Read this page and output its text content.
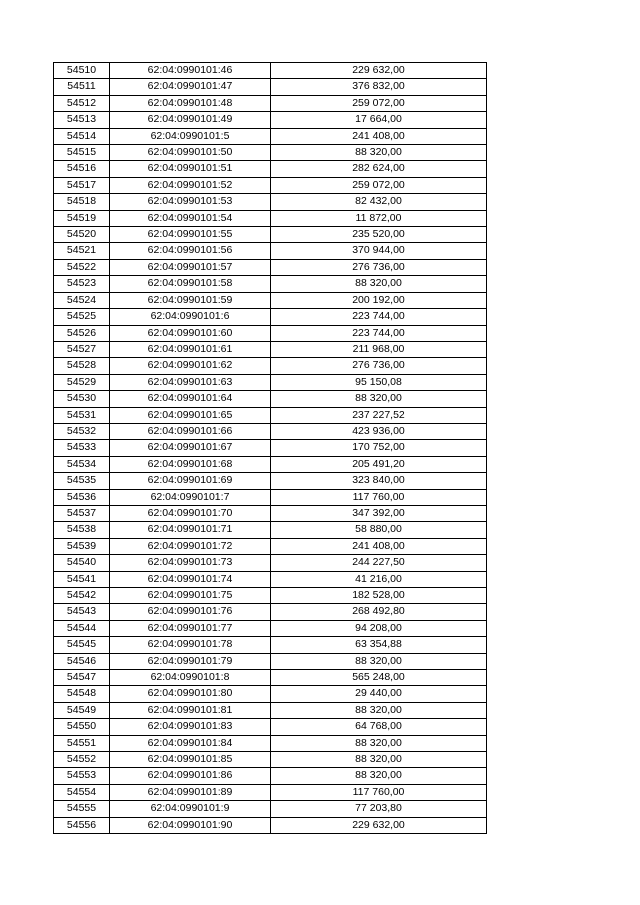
54510	62:04:0990101:46	229 632,00
54511	62:04:0990101:47	376 832,00
54512	62:04:0990101:48	259 072,00
54513	62:04:0990101:49	17 664,00
54514	62:04:0990101:5	241 408,00
54515	62:04:0990101:50	88 320,00
54516	62:04:0990101:51	282 624,00
54517	62:04:0990101:52	259 072,00
54518	62:04:0990101:53	82 432,00
54519	62:04:0990101:54	11 872,00
54520	62:04:0990101:55	235 520,00
54521	62:04:0990101:56	370 944,00
54522	62:04:0990101:57	276 736,00
54523	62:04:0990101:58	88 320,00
54524	62:04:0990101:59	200 192,00
54525	62:04:0990101:6	223 744,00
54526	62:04:0990101:60	223 744,00
54527	62:04:0990101:61	211 968,00
54528	62:04:0990101:62	276 736,00
54529	62:04:0990101:63	95 150,08
54530	62:04:0990101:64	88 320,00
54531	62:04:0990101:65	237 227,52
54532	62:04:0990101:66	423 936,00
54533	62:04:0990101:67	170 752,00
54534	62:04:0990101:68	205 491,20
54535	62:04:0990101:69	323 840,00
54536	62:04:0990101:7	117 760,00
54537	62:04:0990101:70	347 392,00
54538	62:04:0990101:71	58 880,00
54539	62:04:0990101:72	241 408,00
54540	62:04:0990101:73	244 227,50
54541	62:04:0990101:74	41 216,00
54542	62:04:0990101:75	182 528,00
54543	62:04:0990101:76	268 492,80
54544	62:04:0990101:77	94 208,00
54545	62:04:0990101:78	63 354,88
54546	62:04:0990101:79	88 320,00
54547	62:04:0990101:8	565 248,00
54548	62:04:0990101:80	29 440,00
54549	62:04:0990101:81	88 320,00
54550	62:04:0990101:83	64 768,00
54551	62:04:0990101:84	88 320,00
54552	62:04:0990101:85	88 320,00
54553	62:04:0990101:86	88 320,00
54554	62:04:0990101:89	117 760,00
54555	62:04:0990101:9	77 203,80
54556	62:04:0990101:90	229 632,00
